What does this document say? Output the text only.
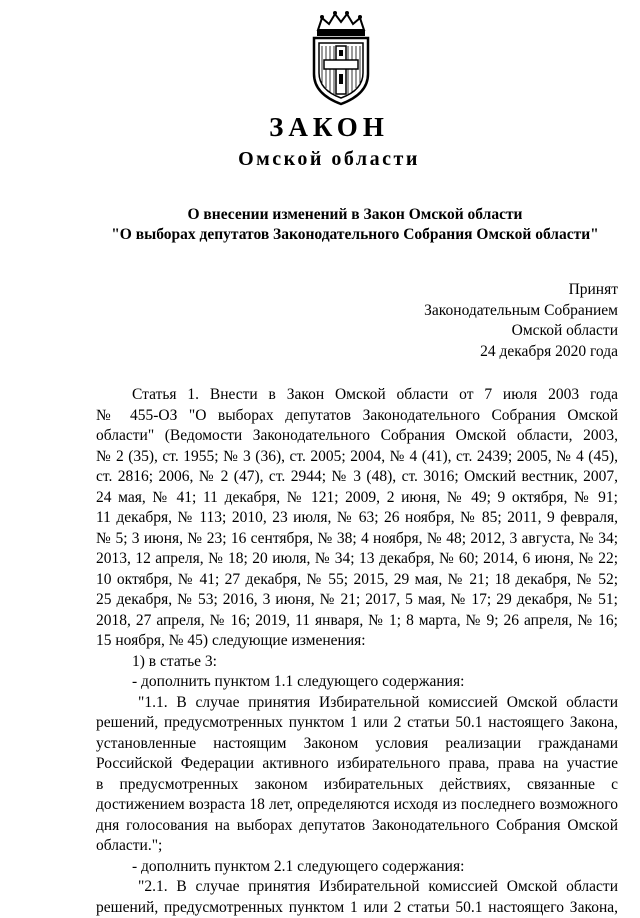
ЗАКОН
Омской области
О внесении изменений в Закон Омской области
"О выборах депутатов Законодательного Собрания Омской области"
Принят
Законодательным Собранием
Омской области
24 декабря 2020 года
Статья 1. Внести в Закон Омской области от 7 июля 2003 года
№ 455-ОЗ "О выборах депутатов Законодательного Собрания Омской
области" (Ведомости Законодательного Собрания Омской области, 2003,
№ 2 (35), ст. 1955; № 3 (36), ст. 2005; 2004, № 4 (41), ст. 2439; 2005, № 4 (45),
ст. 2816; 2006, № 2 (47), ст. 2944; № 3 (48), ст. 3016; Омский вестник, 2007,
24 мая, № 41; 11 декабря, № 121; 2009, 2 июня, № 49; 9 октября, № 91;
11 декабря, № 113; 2010, 23 июля, № 63; 26 ноября, № 85; 2011, 9 февраля,
№ 5; 3 июня, № 23; 16 сентября, № 38; 4 ноября, № 48; 2012, 3 августа, № 34;
2013, 12 апреля, № 18; 20 июля, № 34; 13 декабря, № 60; 2014, 6 июня, № 22;
10 октября, № 41; 27 декабря, № 55; 2015, 29 мая, № 21; 18 декабря, № 52;
25 декабря, № 53; 2016, 3 июня, № 21; 2017, 5 мая, № 17; 29 декабря, № 51;
2018, 27 апреля, № 16; 2019, 11 января, № 1; 8 марта, № 9; 26 апреля, № 16;
15 ноября, № 45) следующие изменения:
1) в статье 3:
- дополнить пунктом 1.1 следующего содержания:
"1.1. В случае принятия Избирательной комиссией Омской области
решений, предусмотренных пунктом 1 или 2 статьи 50.1 настоящего Закона,
установленные настоящим Законом условия реализации гражданами
Российской Федерации активного избирательного права, права на участие
в предусмотренных законом избирательных действиях, связанные с
достижением возраста 18 лет, определяются исходя из последнего возможного
дня голосования на выборах депутатов Законодательного Собрания Омской
области.";
- дополнить пунктом 2.1 следующего содержания:
"2.1. В случае принятия Избирательной комиссией Омской области
решений, предусмотренных пунктом 1 или 2 статьи 50.1 настоящего Закона,
